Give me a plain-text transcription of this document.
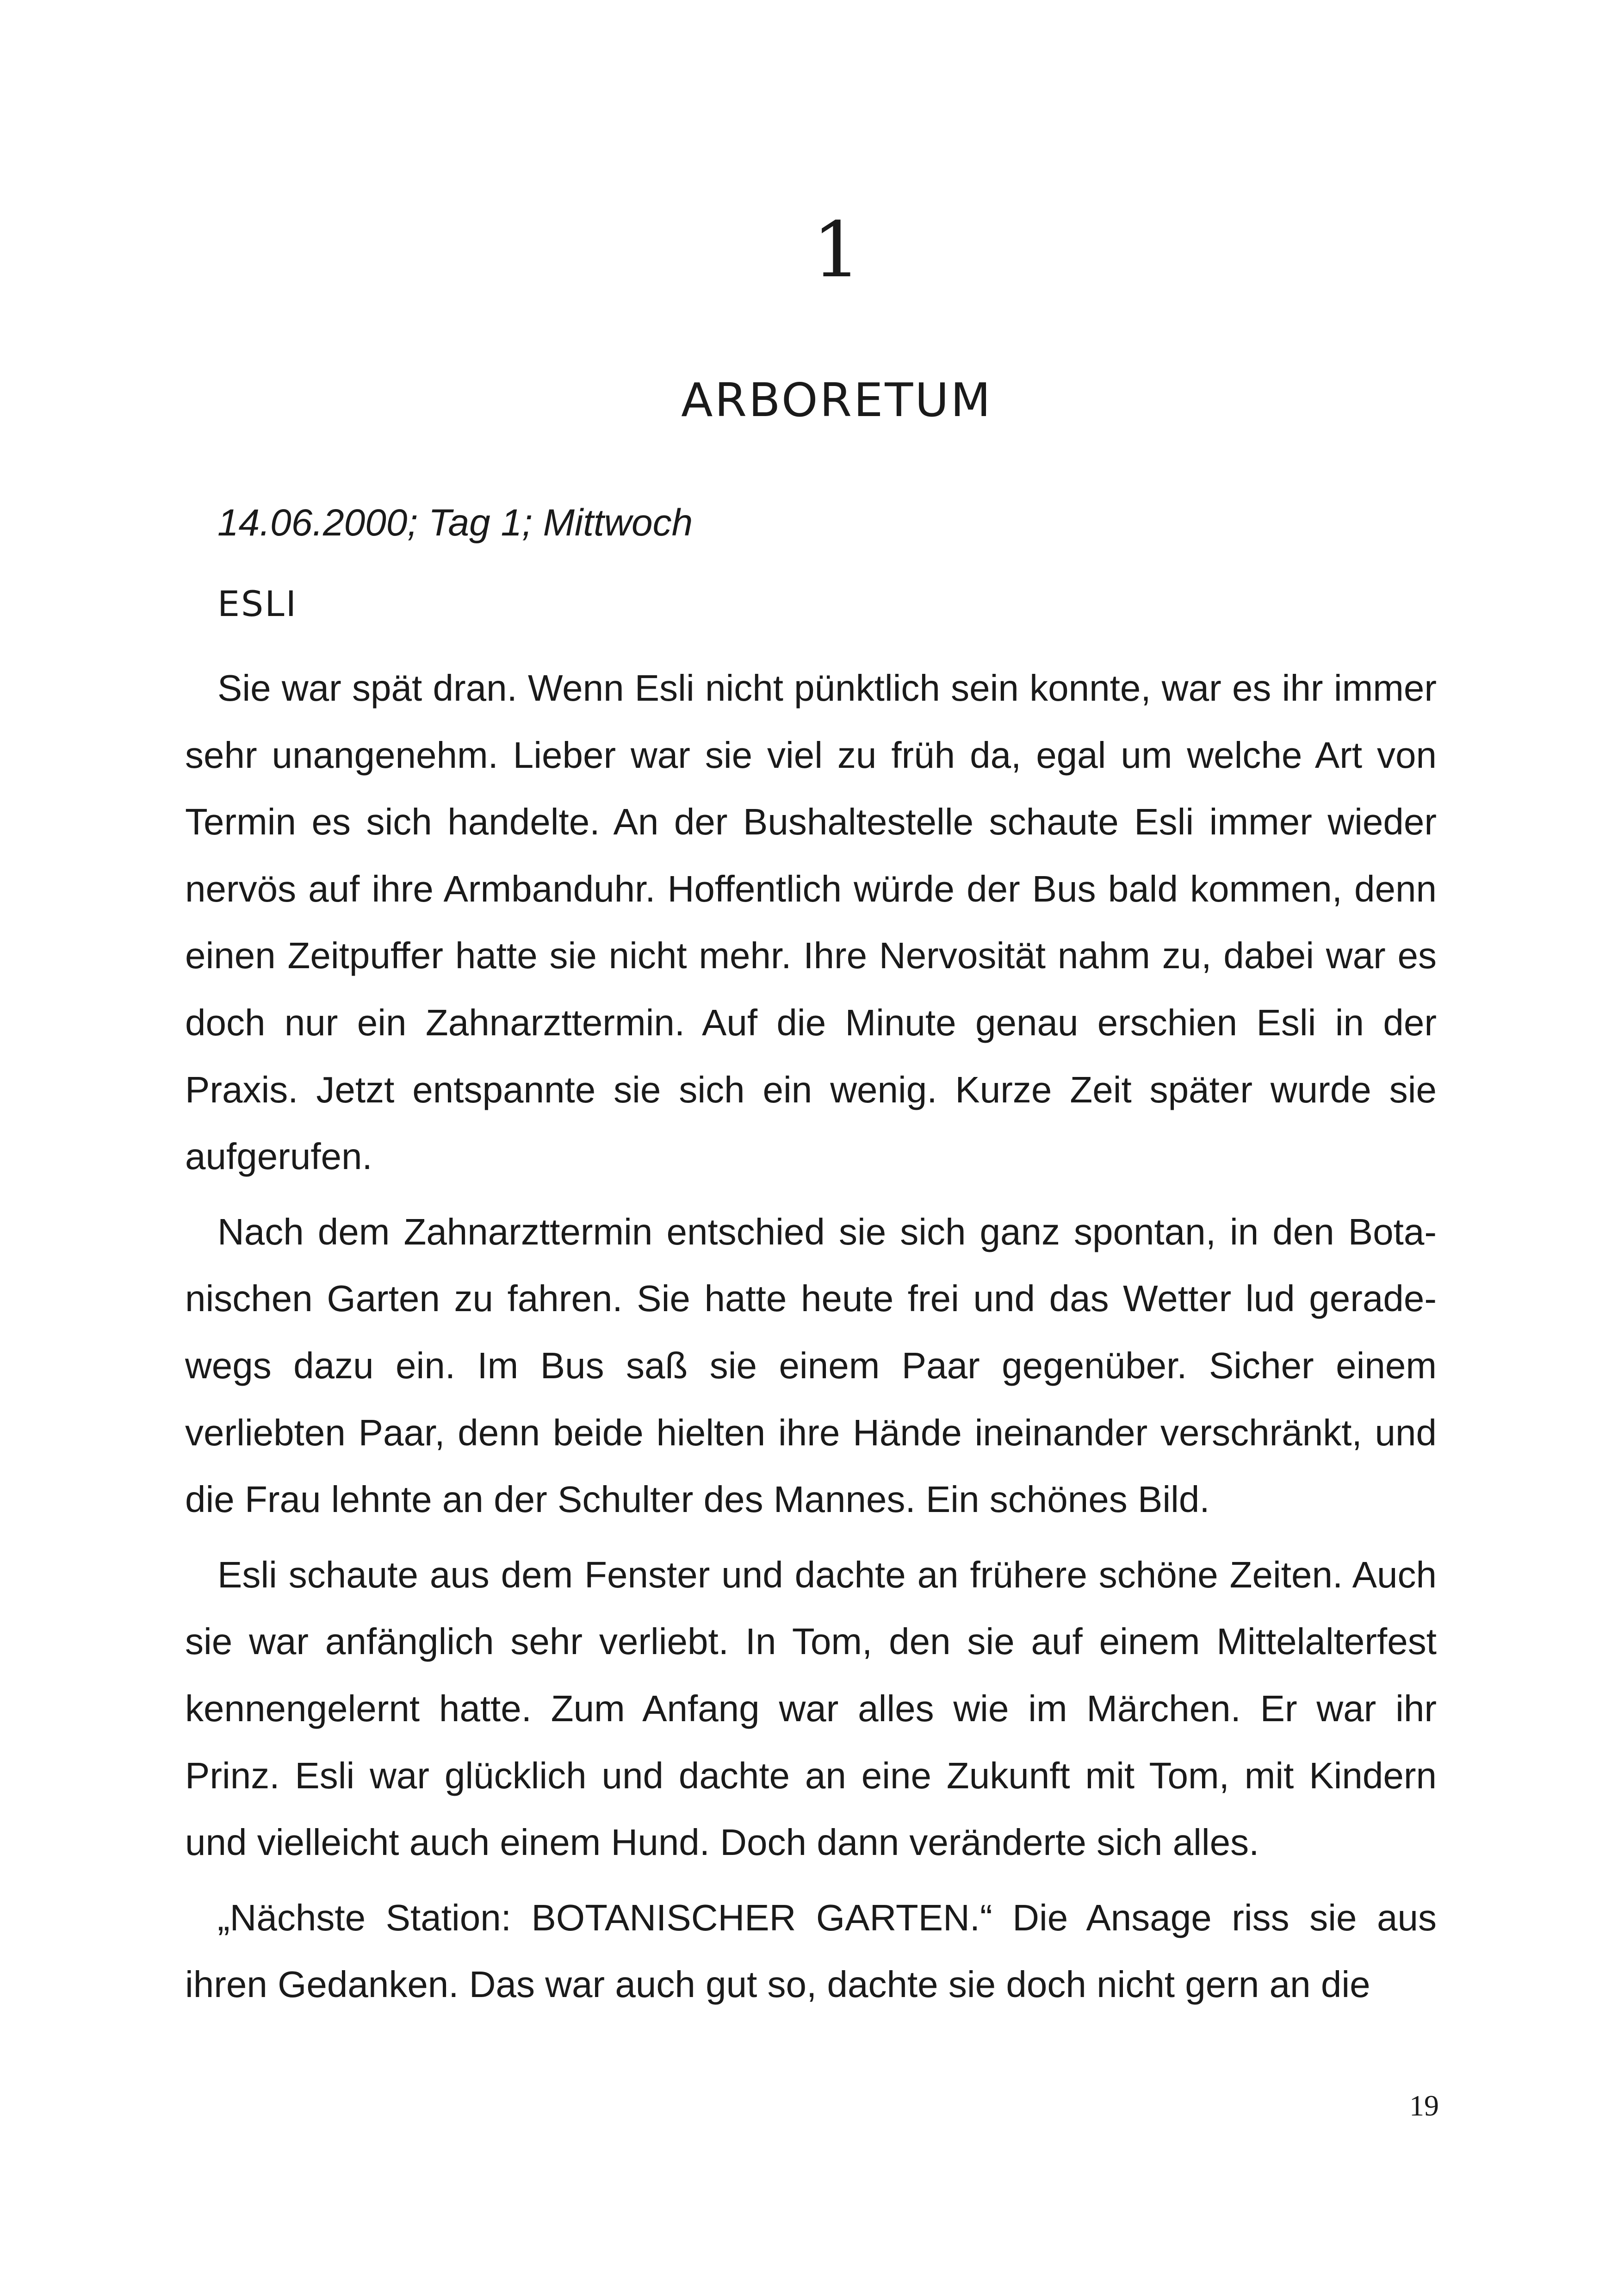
1
ARBORETUM
14.06.2000; Tag 1; Mittwoch
ESLI

Sie war spät dran. Wenn Esli nicht pünktlich sein konnte, war es ihr immer sehr unangenehm. Lieber war sie viel zu früh da, egal um welche Art von Termin es sich handelte. An der Bushaltestelle schaute Esli immer wieder nervös auf ihre Armbanduhr. Hoffentlich würde der Bus bald kommen, denn einen Zeitpuffer hatte sie nicht mehr. Ihre Nervosität nahm zu, dabei war es doch nur ein Zahnarzttermin. Auf die Minute genau erschien Esli in der Praxis. Jetzt entspannte sie sich ein wenig. Kurze Zeit später wurde sie aufgerufen.

Nach dem Zahnarzttermin entschied sie sich ganz spontan, in den Botanischen Garten zu fahren. Sie hatte heute frei und das Wetter lud geradewegs dazu ein. Im Bus saß sie einem Paar gegenüber. Sicher einem verliebten Paar, denn beide hielten ihre Hände ineinander verschränkt, und die Frau lehnte an der Schulter des Mannes. Ein schönes Bild.

Esli schaute aus dem Fenster und dachte an frühere schöne Zeiten. Auch sie war anfänglich sehr verliebt. In Tom, den sie auf einem Mittelalterfest kennengelernt hatte. Zum Anfang war alles wie im Märchen. Er war ihr Prinz. Esli war glücklich und dachte an eine Zukunft mit Tom, mit Kindern und vielleicht auch einem Hund. Doch dann veränderte sich alles.

„Nächste Station: BOTANISCHER GARTEN.“ Die Ansage riss sie aus ihren Gedanken. Das war auch gut so, dachte sie doch nicht gern an die

19
